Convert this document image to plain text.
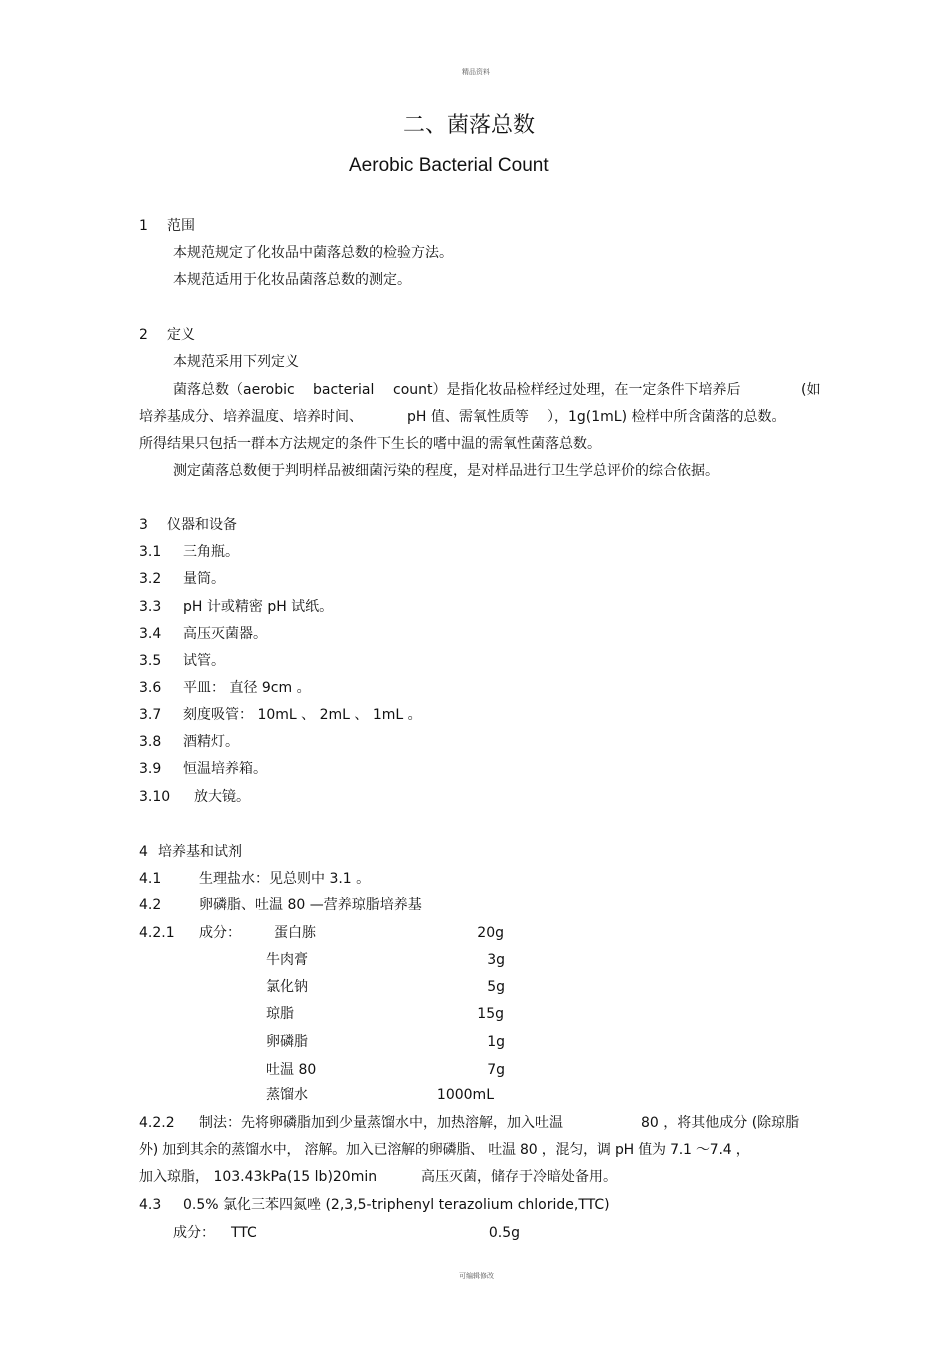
精品资料
二、菌落总数
Aerobic Bacterial Count
1 范围
本规范规定了化妆品中菌落总数的检验方法。
本规范适用于化妆品菌落总数的测定。
2 定义
本规范采用下列定义
菌落总数（aerobic bacterial count）是指化妆品检样经过处理，在一定条件下培养后	(如
培养基成分、培养温度、培养时间、	pH 值、需氧性质等 ），1g(1mL) 检样中所含菌落的总数。
所得结果只包括一群本方法规定的条件下生长的嗜中温的需氧性菌落总数。
测定菌落总数便于判明样品被细菌污染的程度，是对样品进行卫生学总评价的综合依据。
3 仪器和设备
3.1 三角瓶。
3.2 量筒。
3.3 pH 计或精密 pH 试纸。
3.4 高压灭菌器。
3.5 试管。
3.6 平皿： 直径 9cm 。
3.7 刻度吸管： 10mL 、 2mL 、 1mL 。
3.8 酒精灯。
3.9 恒温培养箱。
3.10 放大镜。
4 培养基和试剂
4.1	生理盐水：见总则中 3.1 。
4.2	卵磷脂、吐温 80 —营养琼脂培养基
4.2.1 成分： 蛋白胨	20g
牛肉膏	3g
氯化钠	5g
琼脂	15g
卵磷脂	1g
吐温 80	7g
蒸馏水	1000mL
4.2.2 制法：先将卵磷脂加到少量蒸馏水中，加热溶解，加入吐温	80 ，将其他成分 (除琼脂
外) 加到其余的蒸馏水中， 溶解。加入已溶解的卵磷脂、 吐温 80 ，混匀，调 pH 值为 7.1 ～7.4 ，
加入琼脂， 103.43kPa(15 lb)20min	高压灭菌，储存于冷暗处备用。
4.3 0.5% 氯化三苯四氮唑 (2,3,5-triphenyl terazolium chloride,TTC)
成分： TTC	0.5g
可编辑修改
